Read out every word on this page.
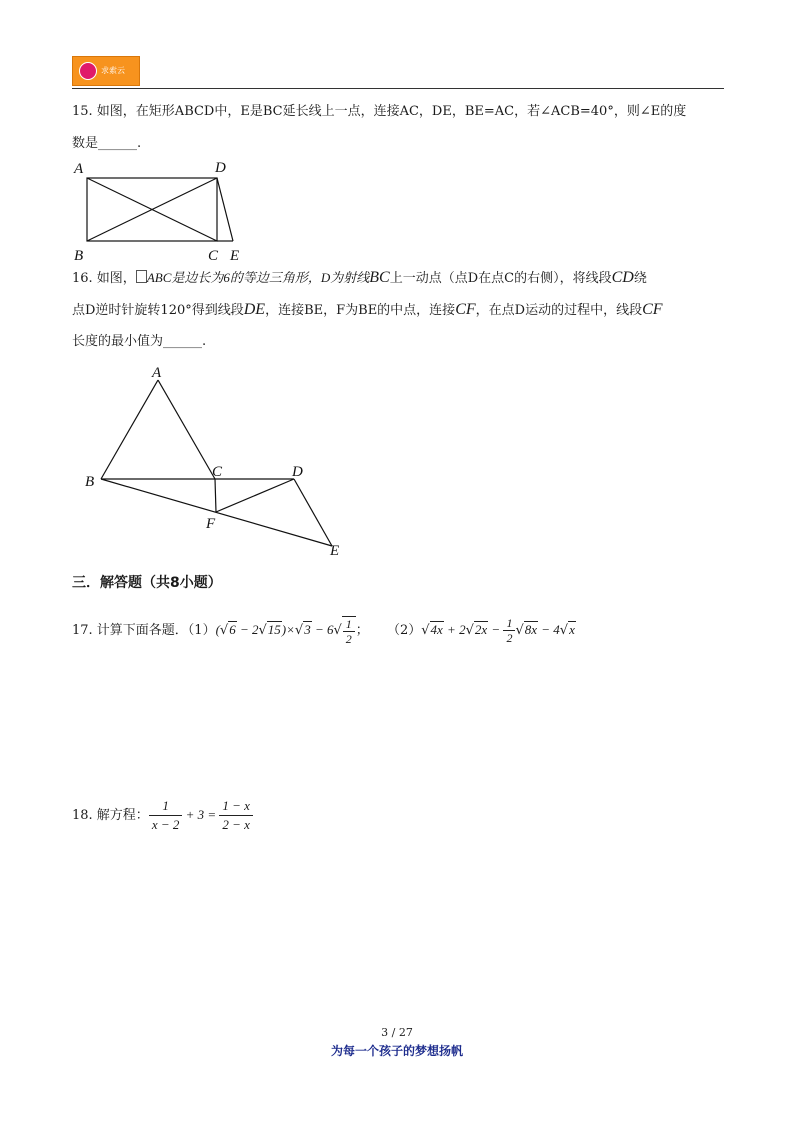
求索云
15. 如图，在矩形ABCD中，E是BC延长线上一点，连接AC，DE，BE=AC，若∠ACB=40°，则∠E的度
数是______.
A	D
B	C E
16. 如图， ABC是边长为6的等边三角形，D为射线BC上一动点（点D在点C的右侧），将线段CD绕
点D逆时针旋转120°得到线段DE，连接BE，F为BE的中点，连接CF，在点D运动的过程中，线段CF
长度的最小值为______.
A
B
C	D
F
E
三．解答题（共8小题）
17. 计算下面各题．$(1)(√6 - 2√15)\times√3 - 6√ \frac{1}{2}$ ； $(2)√4x + 2√2x - \frac{1}{2} √8x - 4√x$
18. 解方程： $\frac{1}{x - 2} + 3 = \frac{1 - x}{2 - x}$
3 / 27
为每一个孩子的梦想扬帆
